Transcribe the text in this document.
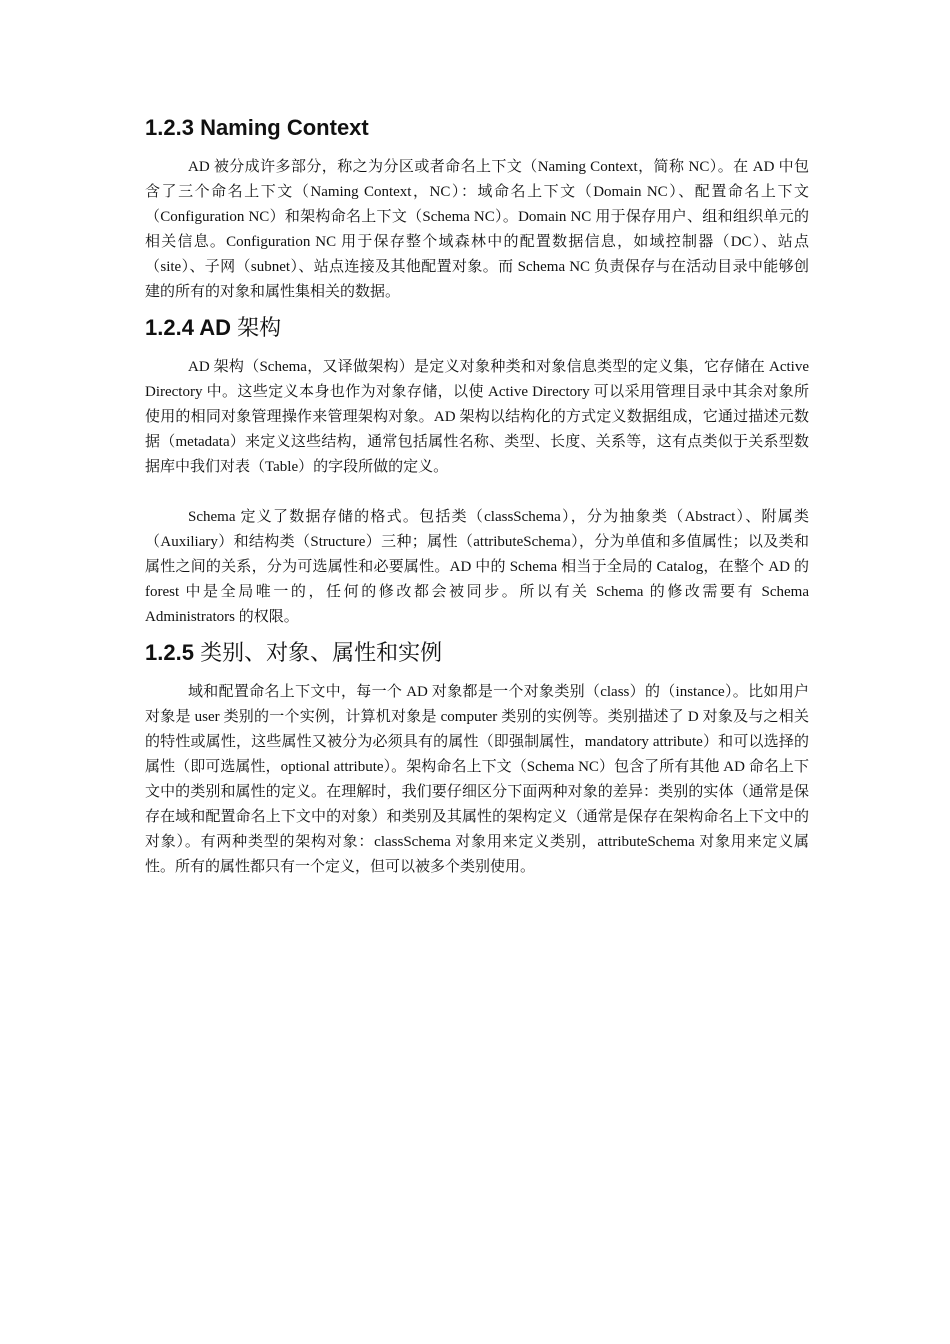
1.2.3 Naming Context

AD 被分成许多部分，称之为分区或者命名上下文（Naming Context，简称 NC）。在 AD 中包含了三个命名上下文（Naming Context，NC）：域命名上下文（Domain NC）、配置命名上下文（Configuration NC）和架构命名上下文（Schema NC）。Domain NC 用于保存用户、组和组织单元的相关信息。Configuration NC 用于保存整个域森林中的配置数据信息，如域控制器（DC）、站点（site）、子网（subnet）、站点连接及其他配置对象。而 Schema NC 负责保存与在活动目录中能够创建的所有的对象和属性集相关的数据。

1.2.4 AD 架构

AD 架构（Schema，又译做架构）是定义对象种类和对象信息类型的定义集，它存储在 Active Directory 中。这些定义本身也作为对象存储，以使 Active Directory 可以采用管理目录中其余对象所使用的相同对象管理操作来管理架构对象。AD 架构以结构化的方式定义数据组成，它通过描述元数据（metadata）来定义这些结构，通常包括属性名称、类型、长度、关系等，这有点类似于关系型数据库中我们对表（Table）的字段所做的定义。

Schema 定义了数据存储的格式。包括类（classSchema），分为抽象类（Abstract）、附属类（Auxiliary）和结构类（Structure）三种；属性（attributeSchema），分为单值和多值属性；以及类和属性之间的关系，分为可选属性和必要属性。AD 中的 Schema 相当于全局的 Catalog，在整个 AD 的 forest 中是全局唯一的，任何的修改都会被同步。所以有关 Schema 的修改需要有 Schema Administrators 的权限。

1.2.5 类别、对象、属性和实例

域和配置命名上下文中，每一个 AD 对象都是一个对象类别（class）的（instance）。比如用户对象是 user 类别的一个实例，计算机对象是 computer 类别的实例等。类别描述了 D 对象及与之相关的特性或属性，这些属性又被分为必须具有的属性（即强制属性，mandatory attribute）和可以选择的属性（即可选属性，optional attribute）。架构命名上下文（Schema NC）包含了所有其他 AD 命名上下文中的类别和属性的定义。在理解时，我们要仔细区分下面两种对象的差异：类别的实体（通常是保存在域和配置命名上下文中的对象）和类别及其属性的架构定义（通常是保存在架构命名上下文中的对象）。有两种类型的架构对象：classSchema 对象用来定义类别，attributeSchema 对象用来定义属性。所有的属性都只有一个定义，但可以被多个类别使用。
